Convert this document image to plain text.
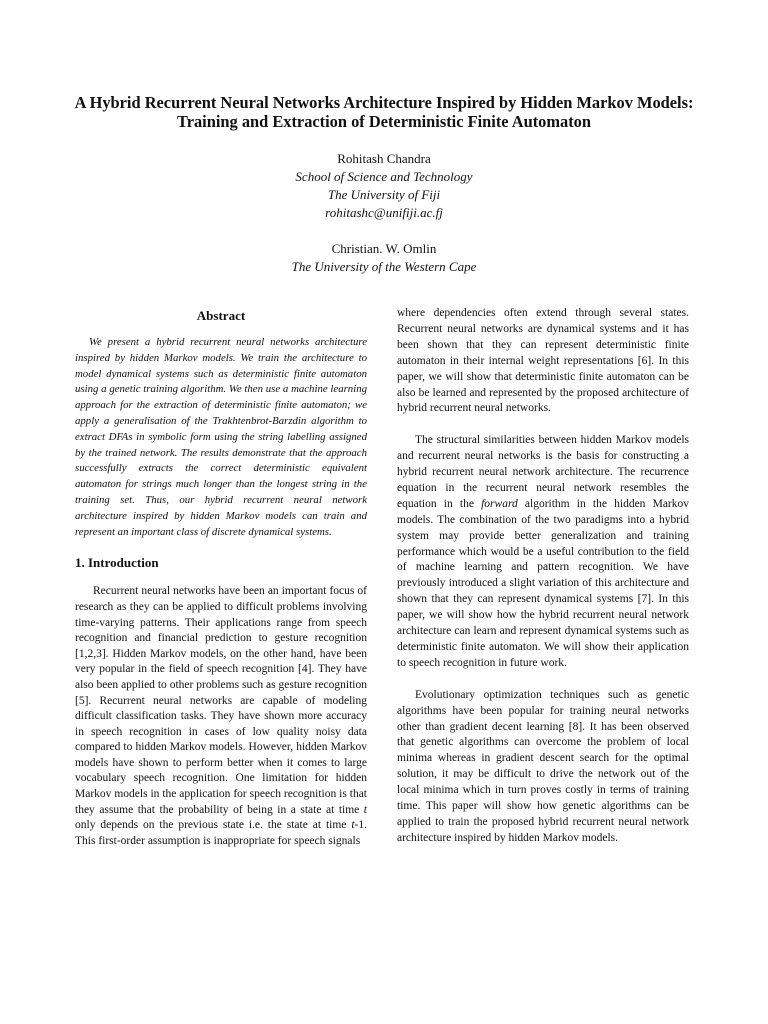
A Hybrid Recurrent Neural Networks Architecture Inspired by Hidden Markov Models: Training and Extraction of Deterministic Finite Automaton
Rohitash Chandra
School of Science and Technology
The University of Fiji
rohitashc@unifiji.ac.fj
Christian. W. Omlin
The University of the Western Cape
Abstract

We present a hybrid recurrent neural networks architecture inspired by hidden Markov models. We train the architecture to model dynamical systems such as deterministic finite automaton using a genetic training algorithm. We then use a machine learning approach for the extraction of deterministic finite automaton; we apply a generalisation of the Trakhtenbrot-Barzdin algorithm to extract DFAs in symbolic form using the string labelling assigned by the trained network. The results demonstrate that the approach successfully extracts the correct deterministic equivalent automaton for strings much longer than the longest string in the training set. Thus, our hybrid recurrent neural network architecture inspired by hidden Markov models can train and represent an important class of discrete dynamical systems.

1. Introduction

Recurrent neural networks have been an important focus of research as they can be applied to difficult problems involving time-varying patterns. Their applications range from speech recognition and financial prediction to gesture recognition [1,2,3]. Hidden Markov models, on the other hand, have been very popular in the field of speech recognition [4]. They have also been applied to other problems such as gesture recognition [5]. Recurrent neural networks are capable of modeling difficult classification tasks. They have shown more accuracy in speech recognition in cases of low quality noisy data compared to hidden Markov models. However, hidden Markov models have shown to perform better when it comes to large vocabulary speech recognition. One limitation for hidden Markov models in the application for speech recognition is that they assume that the probability of being in a state at time t only depends on the previous state i.e. the state at time t-1. This first-order assumption is inappropriate for speech signals

where dependencies often extend through several states. Recurrent neural networks are dynamical systems and it has been shown that they can represent deterministic finite automaton in their internal weight representations [6]. In this paper, we will show that deterministic finite automaton can be also be learned and represented by the proposed architecture of hybrid recurrent neural networks.

The structural similarities between hidden Markov models and recurrent neural networks is the basis for constructing a hybrid recurrent neural network architecture. The recurrence equation in the recurrent neural network resembles the equation in the forward algorithm in the hidden Markov models. The combination of the two paradigms into a hybrid system may provide better generalization and training performance which would be a useful contribution to the field of machine learning and pattern recognition. We have previously introduced a slight variation of this architecture and shown that they can represent dynamical systems [7]. In this paper, we will show how the hybrid recurrent neural network architecture can learn and represent dynamical systems such as deterministic finite automaton. We will show their application to speech recognition in future work.

Evolutionary optimization techniques such as genetic algorithms have been popular for training neural networks other than gradient decent learning [8]. It has been observed that genetic algorithms can overcome the problem of local minima whereas in gradient descent search for the optimal solution, it may be difficult to drive the network out of the local minima which in turn proves costly in terms of training time. This paper will show how genetic algorithms can be applied to train the proposed hybrid recurrent neural network architecture inspired by hidden Markov models.
